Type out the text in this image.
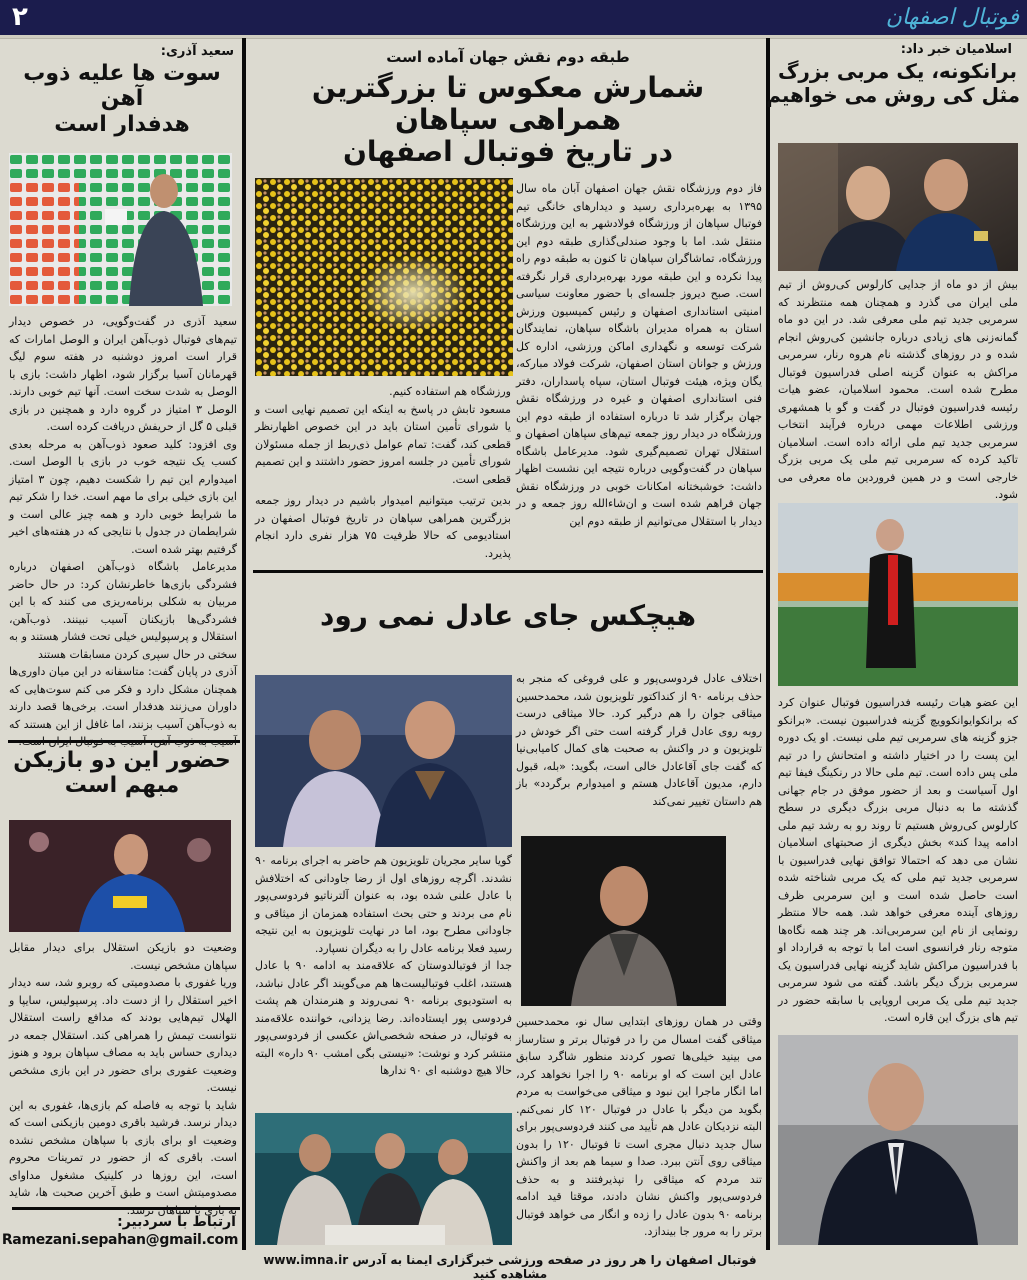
۲	فوتبال اصفهان
اسلامیان خبر داد:
برانکونه، یک مربی بزرگ
مثل کی روش می خواهیم
بیش از دو ماه از جدایی کارلوس کی‌روش از تیم ملی ایران می گذرد و همچنان همه منتظرند که سرمربی جدید تیم ملی معرفی شد. در این دو ماه گمانه‌زنی های زیادی درباره جانشین کی‌روش انجام شده و در روزهای گذشته نام هروه رنار، سرمربی مراکش به عنوان گزینه اصلی فدراسیون فوتبال مطرح شده است. محمود اسلامیان، عضو هیات رئیسه فدراسیون فوتبال در گفت و گو با همشهری ورزشی اطلاعات مهمی درباره فرآیند انتخاب سرمربی جدید تیم ملی ارائه داده است. اسلامیان تاکید کرده که سرمربی تیم ملی یک مربی بزرگ خارجی است و در همین فروردین ماه معرفی می شود.
این عضو هیات رئیسه فدراسیون فوتبال عنوان کرد که برانکوایوانکوویچ گزینه فدراسیون نیست. «برانکو جزو گزینه های سرمربی تیم ملی نیست. او یک دوره این پست را در اختیار داشته و امتحانش را در تیم ملی پس داده است. تیم ملی حالا در رنکینگ فیفا تیم اول آسیاست و بعد از حضور موفق در جام جهانی گذشته ما به دنبال مربی بزرگ دیگری در سطح کارلوس کی‌روش هستیم تا روند رو به رشد تیم ملی ادامه پیدا کند» بخش دیگری از صحبتهای اسلامیان نشان می دهد که احتمالا توافق نهایی فدراسیون با سرمربی جدید تیم ملی که یک مربی شناخته شده است حاصل شده است و این سرمربی ظرف روزهای آینده معرفی خواهد شد. همه حالا منتظر رونمایی از نام این سرمربی‌اند. هر چند همه نگاه‌ها متوجه رنار فرانسوی است اما با توجه به قرارداد او با فدراسیون مراکش شاید گزینه نهایی فدراسیون یک سرمربی بزرگ دیگر باشد. گفته می شود سرمربی جدید تیم ملی یک مربی اروپایی با سابقه حضور در تیم های بزرگ این قاره است.
طبقه دوم نقش جهان آماده است
شمارش معکوس تا بزرگترین همراهی سپاهان
در تاریخ فوتبال اصفهان
فاز دوم ورزشگاه نقش جهان اصفهان آبان ماه سال ۱۳۹۵ به بهره‌برداری رسید و دیدارهای خانگی تیم فوتبال سپاهان از ورزشگاه فولادشهر به این ورزشگاه منتقل شد. اما با وجود صندلی‌گذاری طبقه دوم این ورزشگاه، تماشاگران سپاهان تا کنون به طبقه دوم راه پیدا نکرده و این طبقه مورد بهره‌برداری قرار نگرفته است. صبح دیروز جلسه‌ای با حضور معاونت سیاسی امنیتی استانداری اصفهان و رئیس کمیسیون ورزش استان به همراه مدیران باشگاه سپاهان، نمایندگان شرکت توسعه و نگهداری اماکن ورزشی، اداره کل ورزش و جوانان استان اصفهان، شرکت فولاد مبارکه، یگان ویژه، هیئت فوتبال استان، سپاه پاسداران، دفتر فنی استانداری اصفهان و غیره در ورزشگاه نقش جهان برگزار شد تا درباره استفاده از طبقه دوم این ورزشگاه در دیدار روز جمعه تیم‌های سپاهان اصفهان و استقلال تهران تصمیم‌گیری شود. مدیرعامل باشگاه سپاهان در گفت‌وگویی درباره نتیجه این نشست اظهار داشت: خوشبختانه امکانات خوبی در ورزشگاه نقش جهان فراهم شده است و ان‌شاءالله روز جمعه و در دیدار با استقلال می‌توانیم از طبقه دوم این

ورزشگاه هم استفاده کنیم.

مسعود تابش در پاسخ به اینکه این تصمیم نهایی است و یا شورای تأمین استان باید در این خصوص اظهارنظر قطعی کند، گفت: تمام عوامل ذی‌ربط از جمله مسئولان شورای تأمین در جلسه امروز حضور داشتند و این تصمیم قطعی است.

بدین ترتیب میتوانیم امیدوار باشیم در دیدار روز جمعه بزرگترین همراهی سپاهان در تاریخ فوتبال اصفهان در استادیومی که حالا ظرفیت ۷۵ هزار نفری دارد انجام پذیرد.

هیچکس جای عادل نمی رود
اختلاف عادل فردوسی‌پور و علی فروغی که منجر به حذف برنامه ۹۰ از کنداکتور تلویزیون شد، محمدحسین میثاقی جوان را هم درگیر کرد. حالا میثاقی درست روبه روی عادل قرار گرفته است حتی اگر خودش در تلویزیون و در واکنش به صحبت های کمال کامیابی‌نیا که گفت جای آقاعادل خالی است، بگوید: «بله، قبول دارم، مدیون آقاعادل هستم و امیدوارم برگردد» باز هم داستان تغییر نمی‌کند

گویا سایر مجریان تلویزیون هم حاضر به اجرای برنامه ۹۰ نشدند. اگرچه روزهای اول از رضا جاودانی که اختلافش با عادل علنی شده بود، به عنوان آلترناتیو فردوسی‌پور نام می بردند و حتی بحث استفاده همزمان از میثاقی و جاودانی مطرح بود، اما در نهایت تلویزیون به این نتیجه رسید فعلا برنامه عادل را به دیگران نسپارد.

جدا از فوتبالدوستان که علاقه‌مند به ادامه ۹۰ با عادل هستند، اغلب فوتبالیست‌ها هم می‌گویند اگر عادل نباشد، به استودیوی برنامه ۹۰ نمی‌روند و هنرمندان هم پشت فردوسی پور ایستاده‌اند. رضا یزدانی، خواننده علاقه‌مند به فوتبال، در صفحه شخصی‌اش عکسی از فردوسی‌پور منتشر کرد و نوشت: «نیستی بگی امشب ۹۰ داره» البته حالا هیچ دوشنبه ای ۹۰ ندارها

وقتی در همان روزهای ابتدایی سال نو، محمدحسین میثاقی گفت امسال من را در فوتبال برتر و ستارساز می بینید خیلی‌ها تصور کردند منظور شاگرد سابق عادل این است که او برنامه ۹۰ را اجرا نخواهد کرد، اما انگار ماجرا این نبود و میثاقی می‌خواست به مردم بگوید من دیگر با عادل در فوتبال ۱۲۰ کار نمی‌کنم. البته نزدیکان عادل هم تأیید می کنند فردوسی‌پور برای سال جدید دنبال مجری است تا فوتبال ۱۲۰ را بدون میثاقی روی آنتن ببرد. صدا و سیما هم بعد از واکنش تند مردم که میثاقی را نپذیرفتند و به حذف فردوسی‌پور واکنش نشان دادند، موقتا قید ادامه برنامه ۹۰ بدون عادل را زده و انگار می خواهد فوتبال برتر را به مرور جا بیندازد.
سعید آذری:
سوت ها علیه ذوب آهن
هدفدار است

سعید آذری در گفت‌وگویی، در خصوص دیدار تیم‌های فوتبال ذوب‌آهن ایران و الوصل امارات که قرار است امروز دوشنبه در هفته سوم لیگ قهرمانان آسیا برگزار شود، اظهار داشت: بازی با الوصل به شدت سخت است. آنها تیم خوبی دارند. الوصل ۳ امتیاز در گروه دارد و همچنین در بازی قبلی ۵ گل از حریفش دریافت کرده است.

وی افزود: کلید صعود ذوب‌آهن به مرحله بعدی کسب یک نتیجه خوب در بازی با الوصل است. امیدوارم این تیم را شکست دهیم، چون ۳ امتیاز این بازی خیلی برای ما مهم است. خدا را شکر تیم ما شرایط خوبی دارد و همه چیز عالی است و شرایطمان در جدول با نتایجی که در هفته‌های اخیر گرفتیم بهتر شده است.

مدیرعامل باشگاه ذوب‌آهن اصفهان درباره فشردگی بازی‌ها خاطرنشان کرد: در حال حاضر مربیان به شکلی برنامه‌ریزی می کنند که با این فشردگی‌ها بازیکنان آسیب نبینند. ذوب‌آهن، استقلال و پرسپولیس خیلی تحت فشار هستند و به سختی در حال سپری کردن مسابقات هستند

آذری در پایان گفت: متاسفانه در این میان داوری‌ها همچنان مشکل دارد و فکر می کنم سوت‌هایی که داوران می‌زنند هدفدار است. برخی‌ها قصد دارند به ذوب‌آهن آسیب بزنند، اما غافل از این هستند که آسیب به ذوب آهن، آسیب به فوتبال ایران است.

حضور این دو بازیکن
مبهم است

وضعیت دو بازیکن استقلال برای دیدار مقابل سپاهان مشخص نیست.

وریا غفوری با مصدومیتی که روبرو شد، سه دیدار اخیر استقلال را از دست داد. پرسپولیس، سایپا و الهلال تیم‌هایی بودند که مدافع راست استقلال نتوانست تیمش را همراهی کند. استقلال جمعه در دیداری حساس باید به مصاف سپاهان برود و هنوز وضعیت عفوری برای حضور در این بازی مشخص نیست.

شاید با توجه به فاصله کم بازی‌ها، غفوری به این دیدار نرسد. فرشید باقری دومین بازیکنی است که وضعیت او برای بازی با سپاهان مشخص نشده است. باقری که از حضور در تمرینات محروم است، این روزها در کلینیک مشغول مداوای مصدومیتش است و طبق آخرین صحبت ها، شاید به بازی با سپاهان نرسد.

ارتباط با سردبیر:
Ramezani.sepahan@gmail.com
فوتبال اصفهان را هر روز در صفحه ورزشی خبرگزاری ایمنا به آدرس www.imna.ir مشاهده کنید
